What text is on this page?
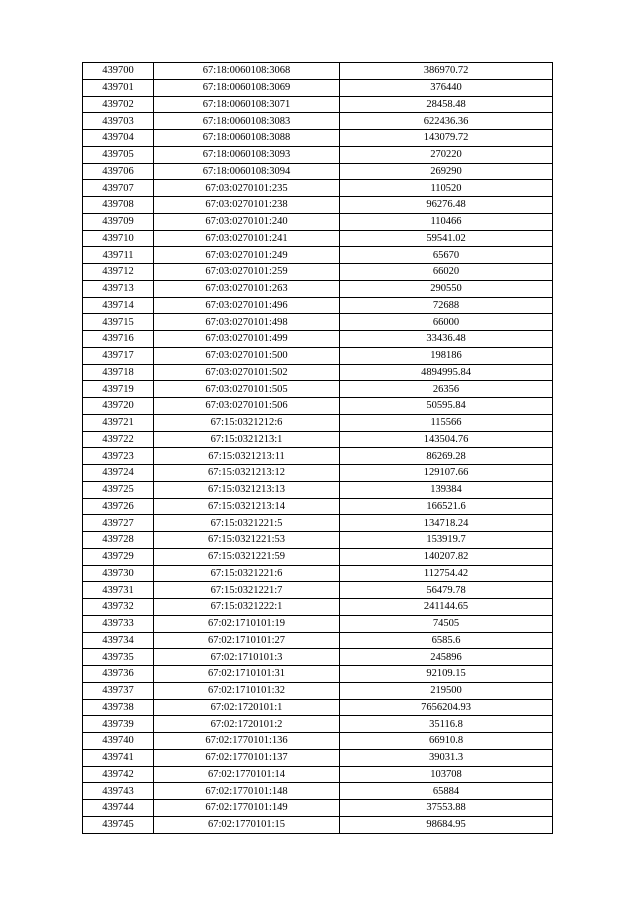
439700	67:18:0060108:3068	386970.72
439701	67:18:0060108:3069	376440
439702	67:18:0060108:3071	28458.48
439703	67:18:0060108:3083	622436.36
439704	67:18:0060108:3088	143079.72
439705	67:18:0060108:3093	270220
439706	67:18:0060108:3094	269290
439707	67:03:0270101:235	110520
439708	67:03:0270101:238	96276.48
439709	67:03:0270101:240	110466
439710	67:03:0270101:241	59541.02
439711	67:03:0270101:249	65670
439712	67:03:0270101:259	66020
439713	67:03:0270101:263	290550
439714	67:03:0270101:496	72688
439715	67:03:0270101:498	66000
439716	67:03:0270101:499	33436.48
439717	67:03:0270101:500	198186
439718	67:03:0270101:502	4894995.84
439719	67:03:0270101:505	26356
439720	67:03:0270101:506	50595.84
439721	67:15:0321212:6	115566
439722	67:15:0321213:1	143504.76
439723	67:15:0321213:11	86269.28
439724	67:15:0321213:12	129107.66
439725	67:15:0321213:13	139384
439726	67:15:0321213:14	166521.6
439727	67:15:0321221:5	134718.24
439728	67:15:0321221:53	153919.7
439729	67:15:0321221:59	140207.82
439730	67:15:0321221:6	112754.42
439731	67:15:0321221:7	56479.78
439732	67:15:0321222:1	241144.65
439733	67:02:1710101:19	74505
439734	67:02:1710101:27	6585.6
439735	67:02:1710101:3	245896
439736	67:02:1710101:31	92109.15
439737	67:02:1710101:32	219500
439738	67:02:1720101:1	7656204.93
439739	67:02:1720101:2	35116.8
439740	67:02:1770101:136	66910.8
439741	67:02:1770101:137	39031.3
439742	67:02:1770101:14	103708
439743	67:02:1770101:148	65884
439744	67:02:1770101:149	37553.88
439745	67:02:1770101:15	98684.95
